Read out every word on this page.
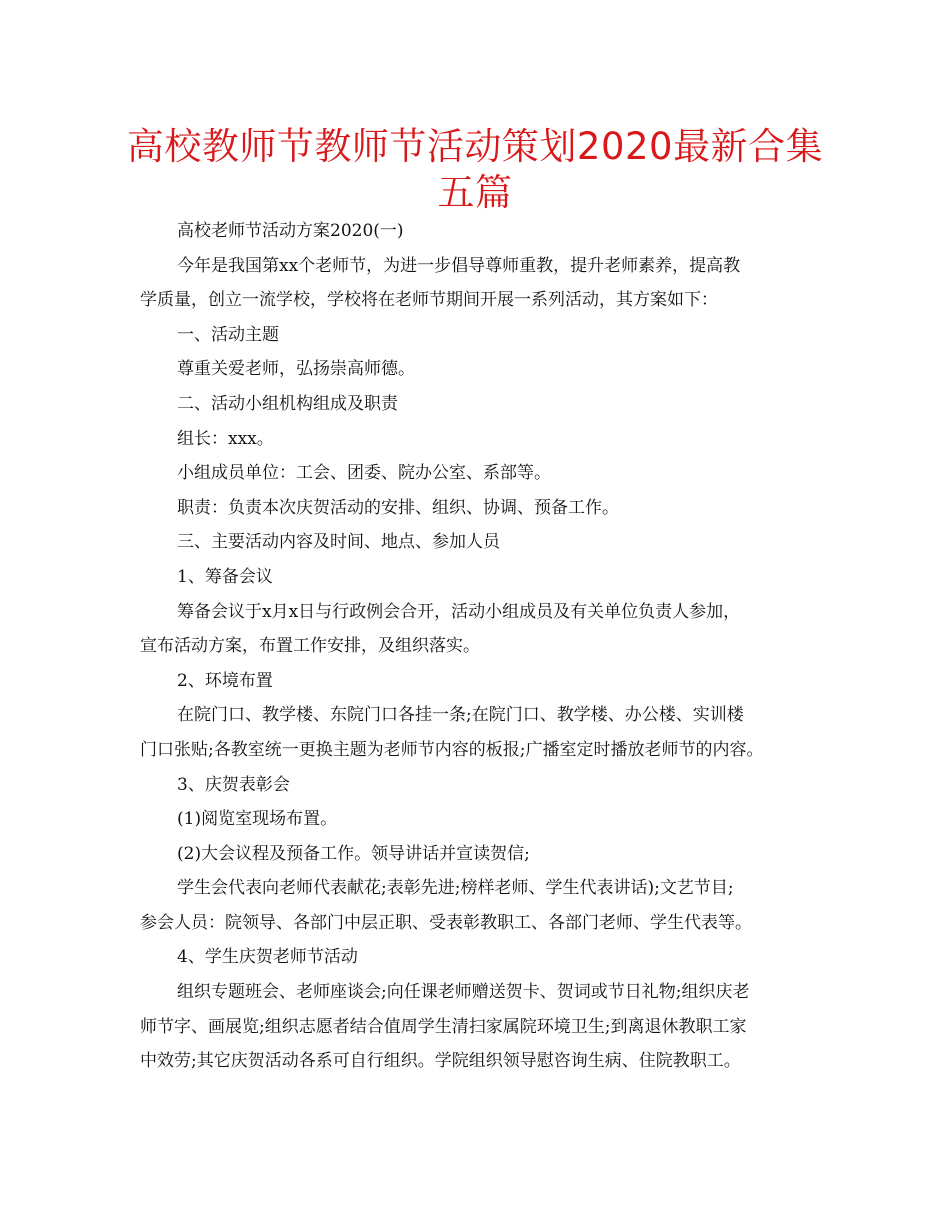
高校教师节教师节活动策划2020最新合集五篇

高校老师节活动方案2020(一)

今年是我国第xx个老师节，为进一步倡导尊师重教，提升老师素养，提高教

学质量，创立一流学校，学校将在老师节期间开展一系列活动，其方案如下：

一、活动主题

尊重关爱老师，弘扬崇高师德。

二、活动小组机构组成及职责

组长：xxx。

小组成员单位：工会、团委、院办公室、系部等。

职责：负责本次庆贺活动的安排、组织、协调、预备工作。

三、主要活动内容及时间、地点、参加人员

1、筹备会议

筹备会议于x月x日与行政例会合开，活动小组成员及有关单位负责人参加，

宣布活动方案，布置工作安排，及组织落实。

2、环境布置

在院门口、教学楼、东院门口各挂一条;在院门口、教学楼、办公楼、实训楼

门口张贴;各教室统一更换主题为老师节内容的板报;广播室定时播放老师节的内容。

3、庆贺表彰会

(1)阅览室现场布置。

(2)大会议程及预备工作。领导讲话并宣读贺信;

学生会代表向老师代表献花;表彰先进;榜样老师、学生代表讲话);文艺节目;

参会人员：院领导、各部门中层正职、受表彰教职工、各部门老师、学生代表等。

4、学生庆贺老师节活动

组织专题班会、老师座谈会;向任课老师赠送贺卡、贺词或节日礼物;组织庆老

师节字、画展览;组织志愿者结合值周学生清扫家属院环境卫生;到离退休教职工家

中效劳;其它庆贺活动各系可自行组织。学院组织领导慰咨询生病、住院教职工。
